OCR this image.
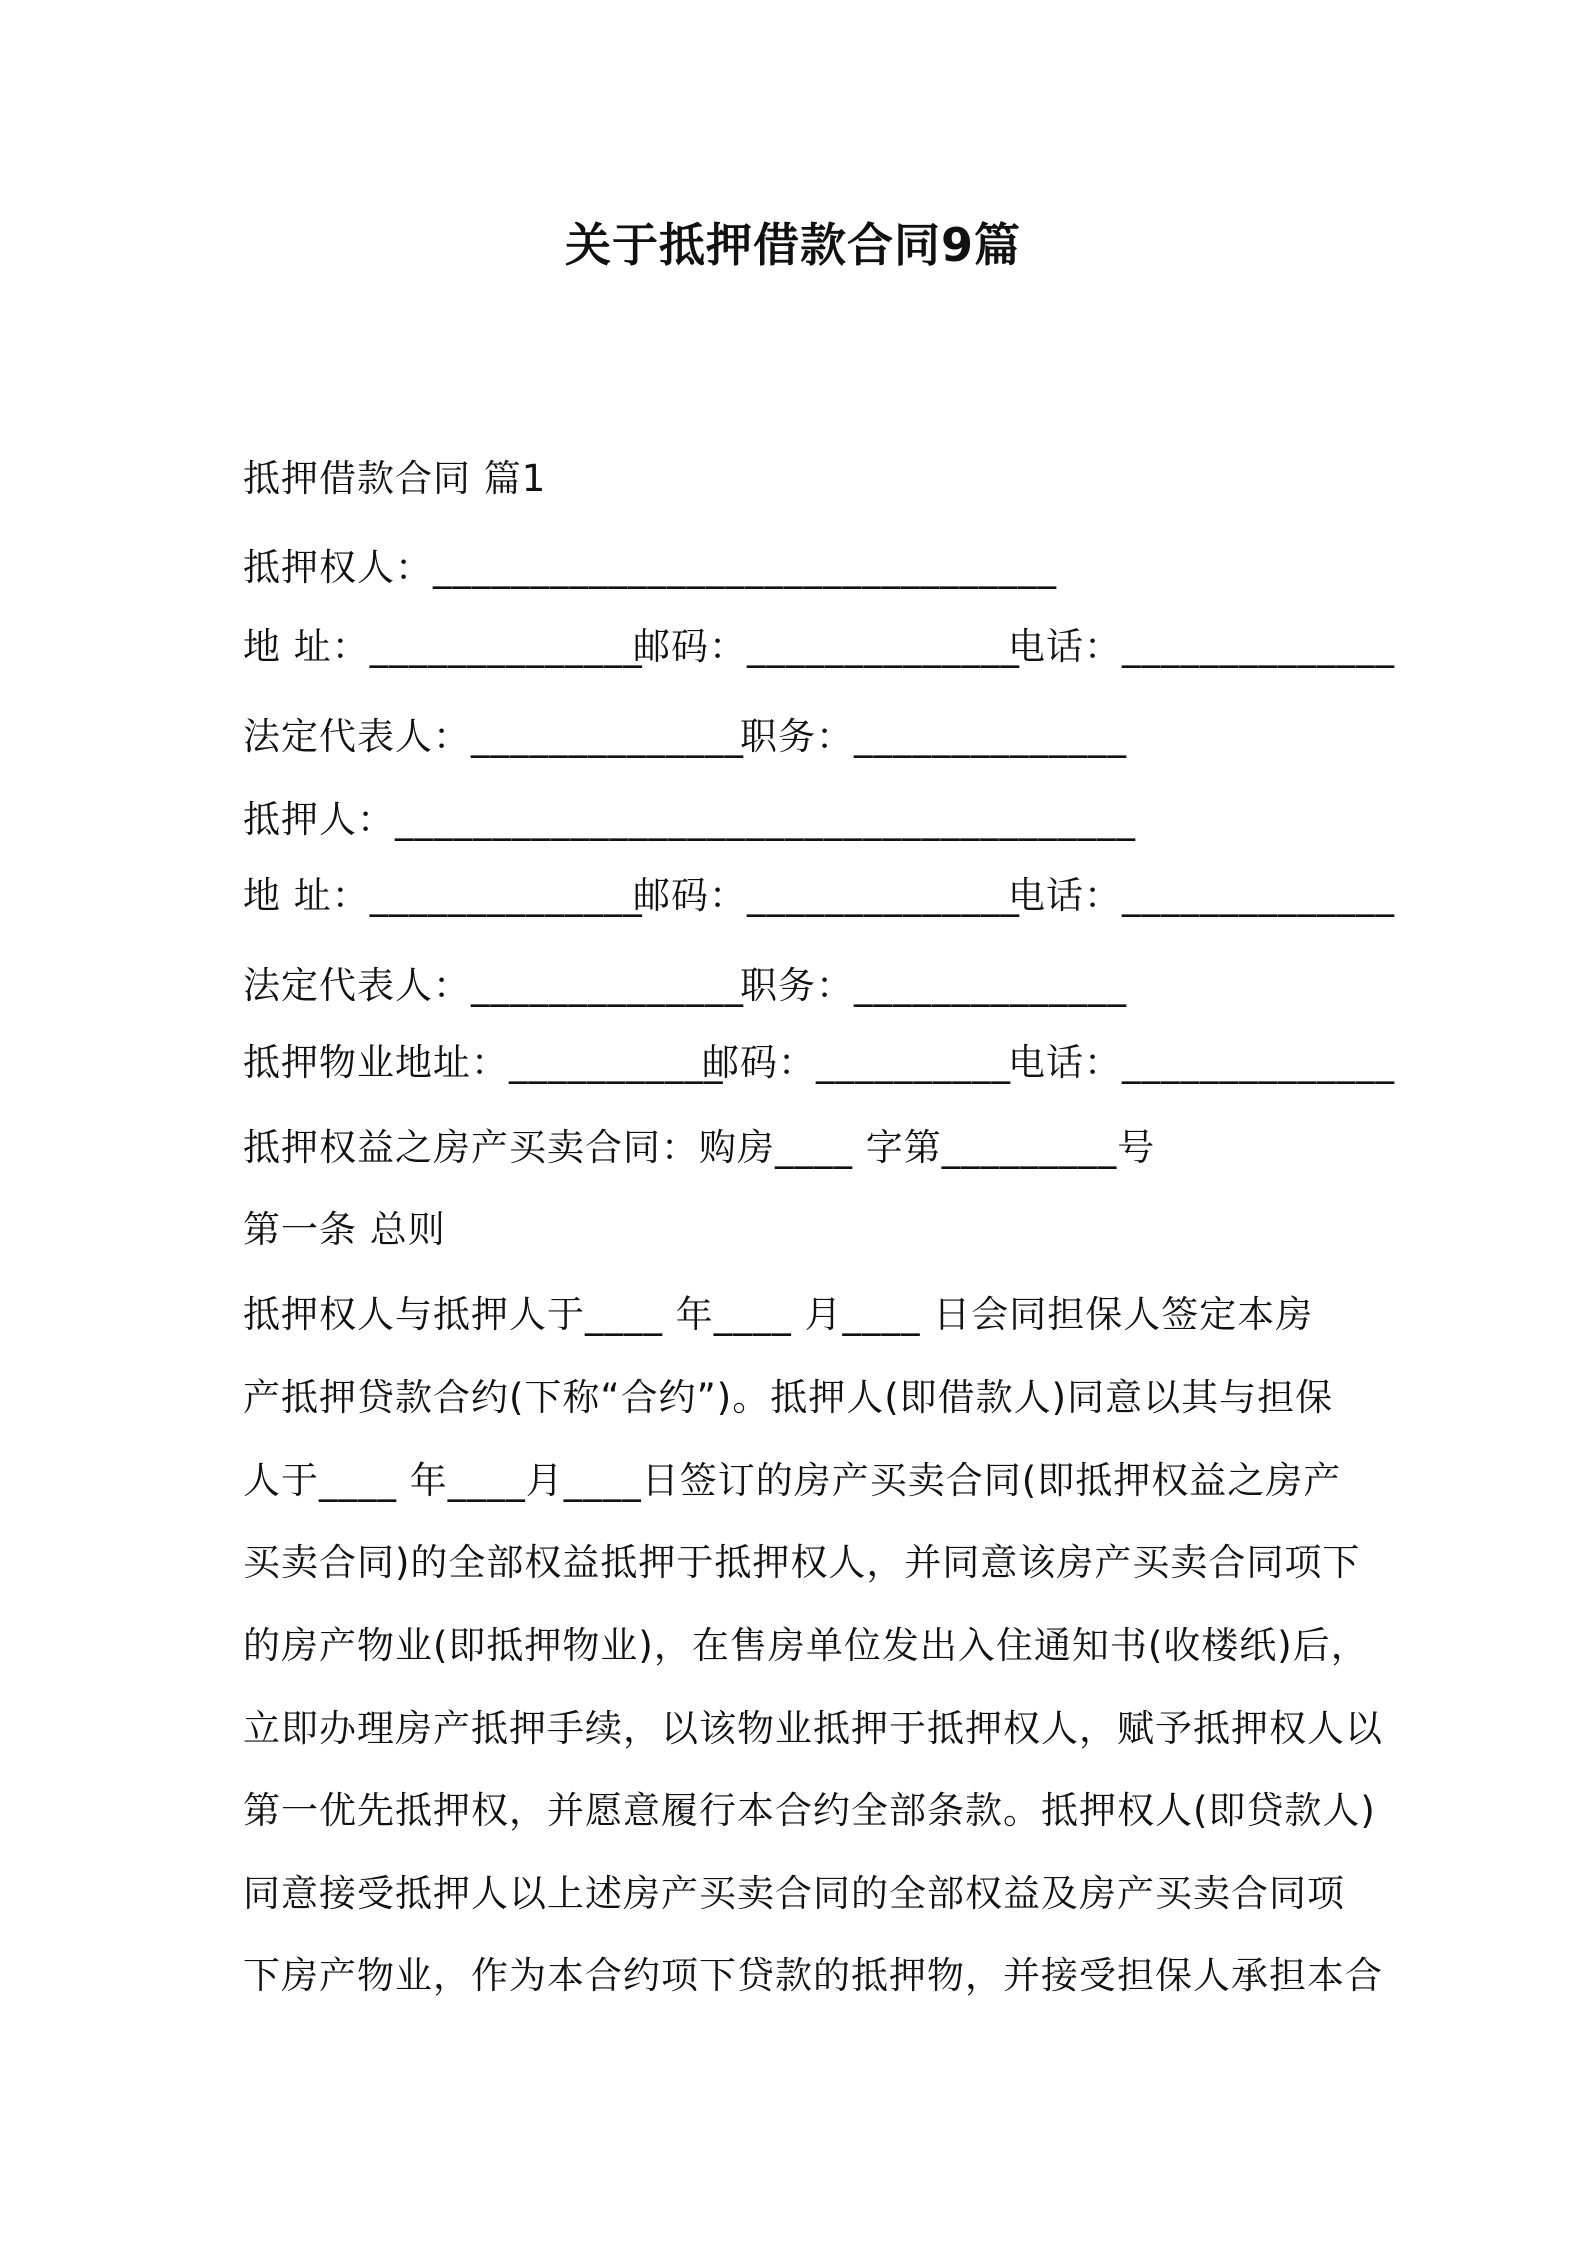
关于抵押借款合同9篇
抵押借款合同 篇1
抵押权人：________________________________
地 址：______________
邮码：______________
电话：______________
法定代表人：______________
职务：______________
抵押人：______________________________________
地 址：______________
邮码：______________
电话：______________
法定代表人：______________
职务：______________
抵押物业地址：___________
邮码：__________
电话：______________
抵押权益之房产买卖合同：购房____ 字第_________号
第一条 总则
抵押权人与抵押人于____ 年____ 月____ 日会同担保人签定本房
产抵押贷款合约(下称“合约”)。抵押人(即借款人)同意以其与担保
人于____ 年____月____日签订的房产买卖合同(即抵押权益之房产
买卖合同)的全部权益抵押于抵押权人，并同意该房产买卖合同项下
的房产物业(即抵押物业)，在售房单位发出入住通知书(收楼纸)后，
立即办理房产抵押手续，以该物业抵押于抵押权人，赋予抵押权人以
第一优先抵押权，并愿意履行本合约全部条款。抵押权人(即贷款人)
同意接受抵押人以上述房产买卖合同的全部权益及房产买卖合同项
下房产物业，作为本合约项下贷款的抵押物，并接受担保人承担本合
